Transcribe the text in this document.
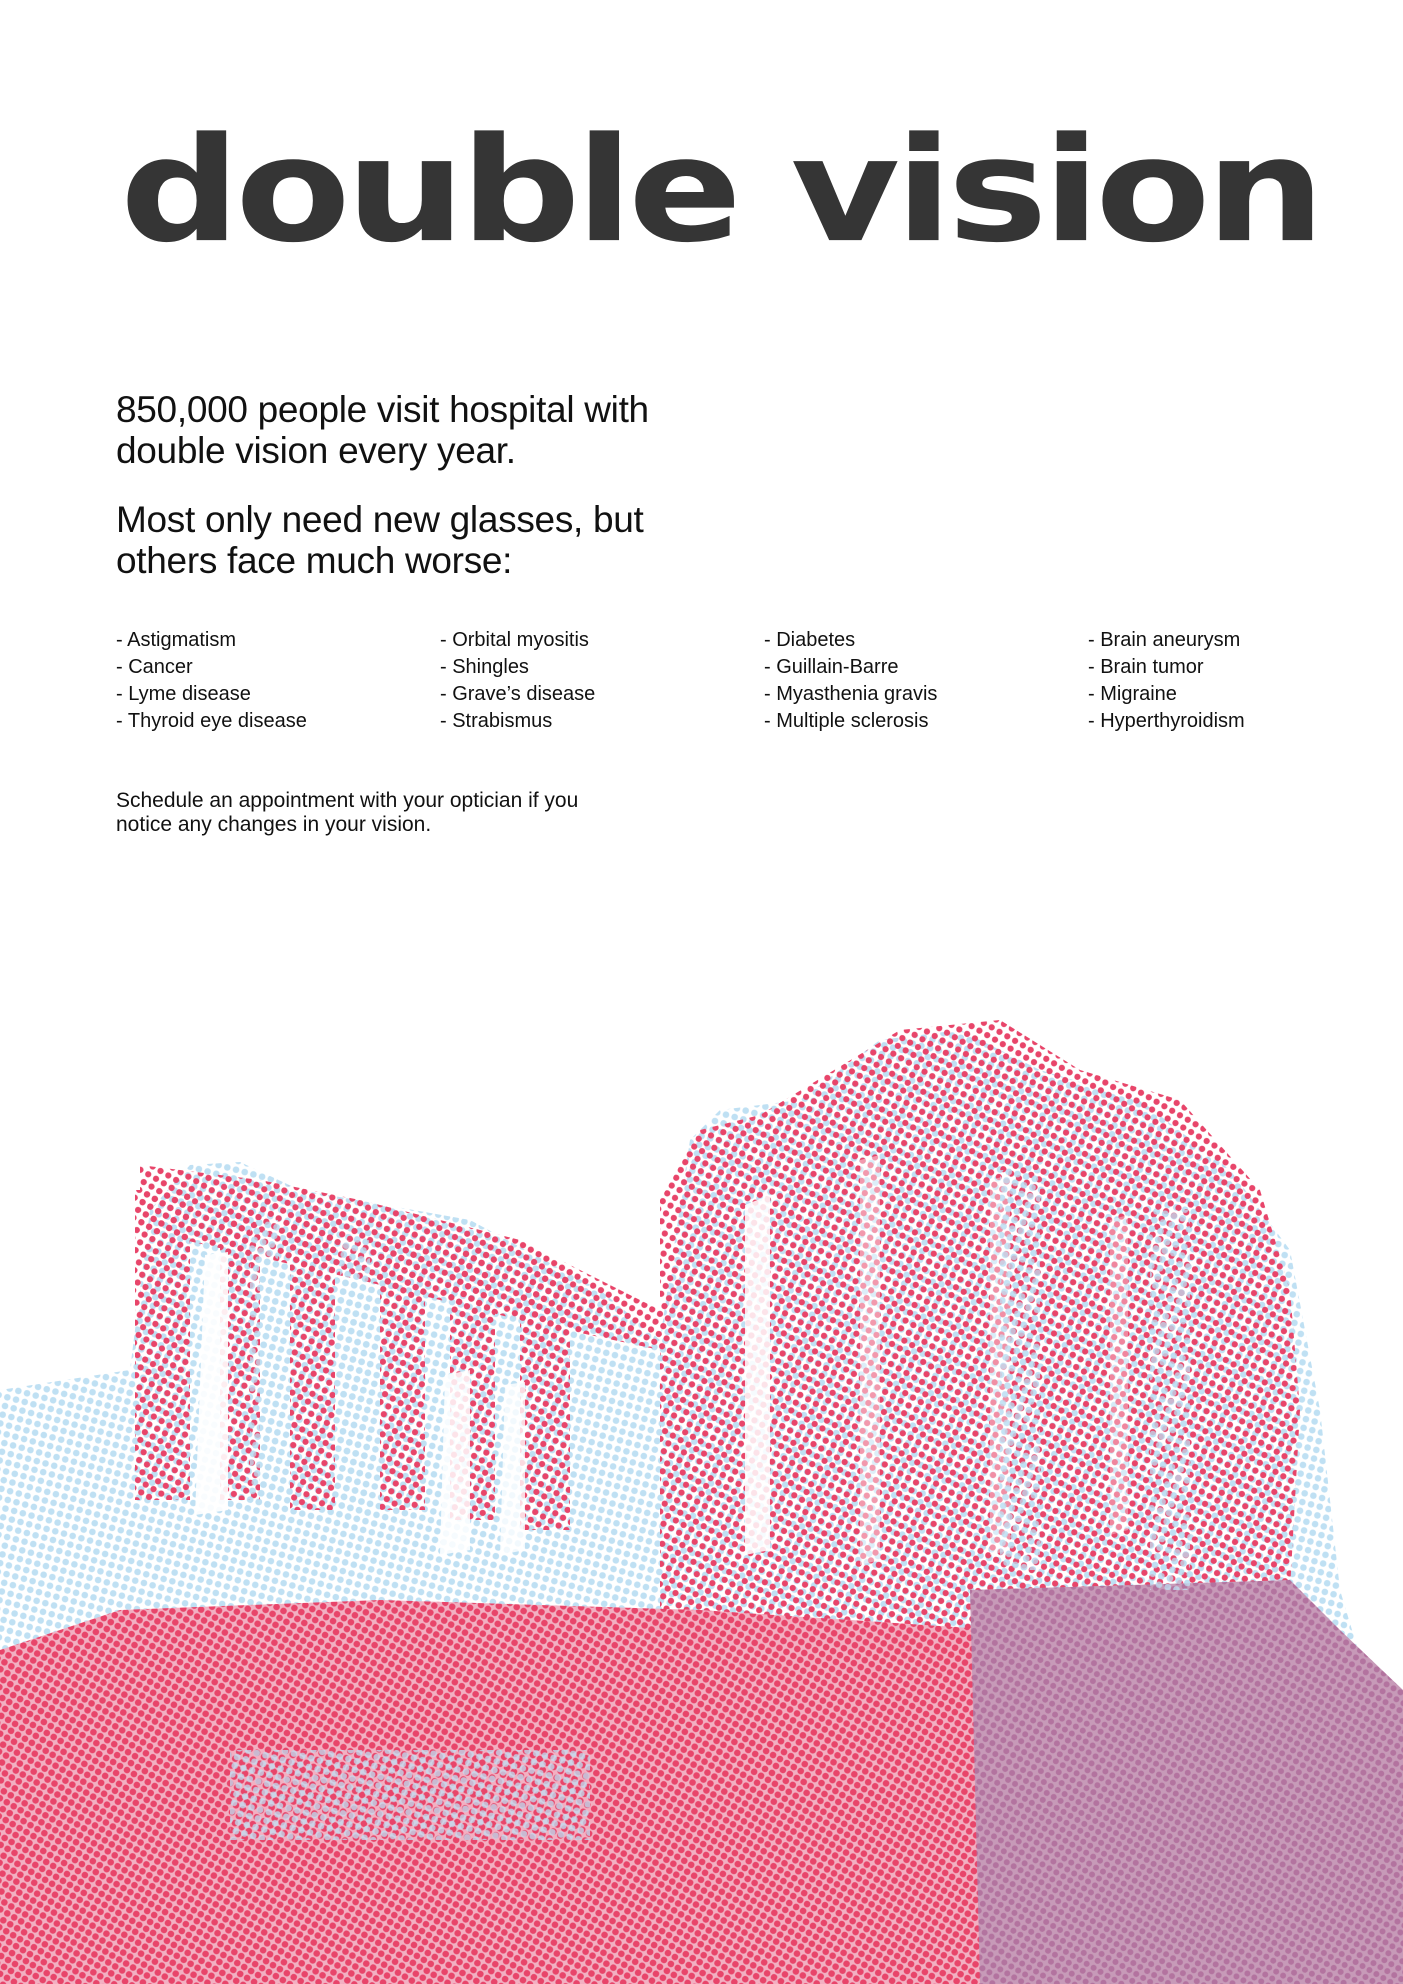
double vision

850,000 people visit hospital with double vision every year.

Most only need new glasses, but others face much worse:

- Astigmatism
- Cancer
- Lyme disease
- Thyroid eye disease
- Orbital myositis
- Shingles
- Grave’s disease
- Strabismus
- Diabetes
- Guillain-Barre
- Myasthenia gravis
- Multiple sclerosis
- Brain aneurysm
- Brain tumor
- Migraine
- Hyperthyroidism

Schedule an appointment with your optician if you notice any changes in your vision.
